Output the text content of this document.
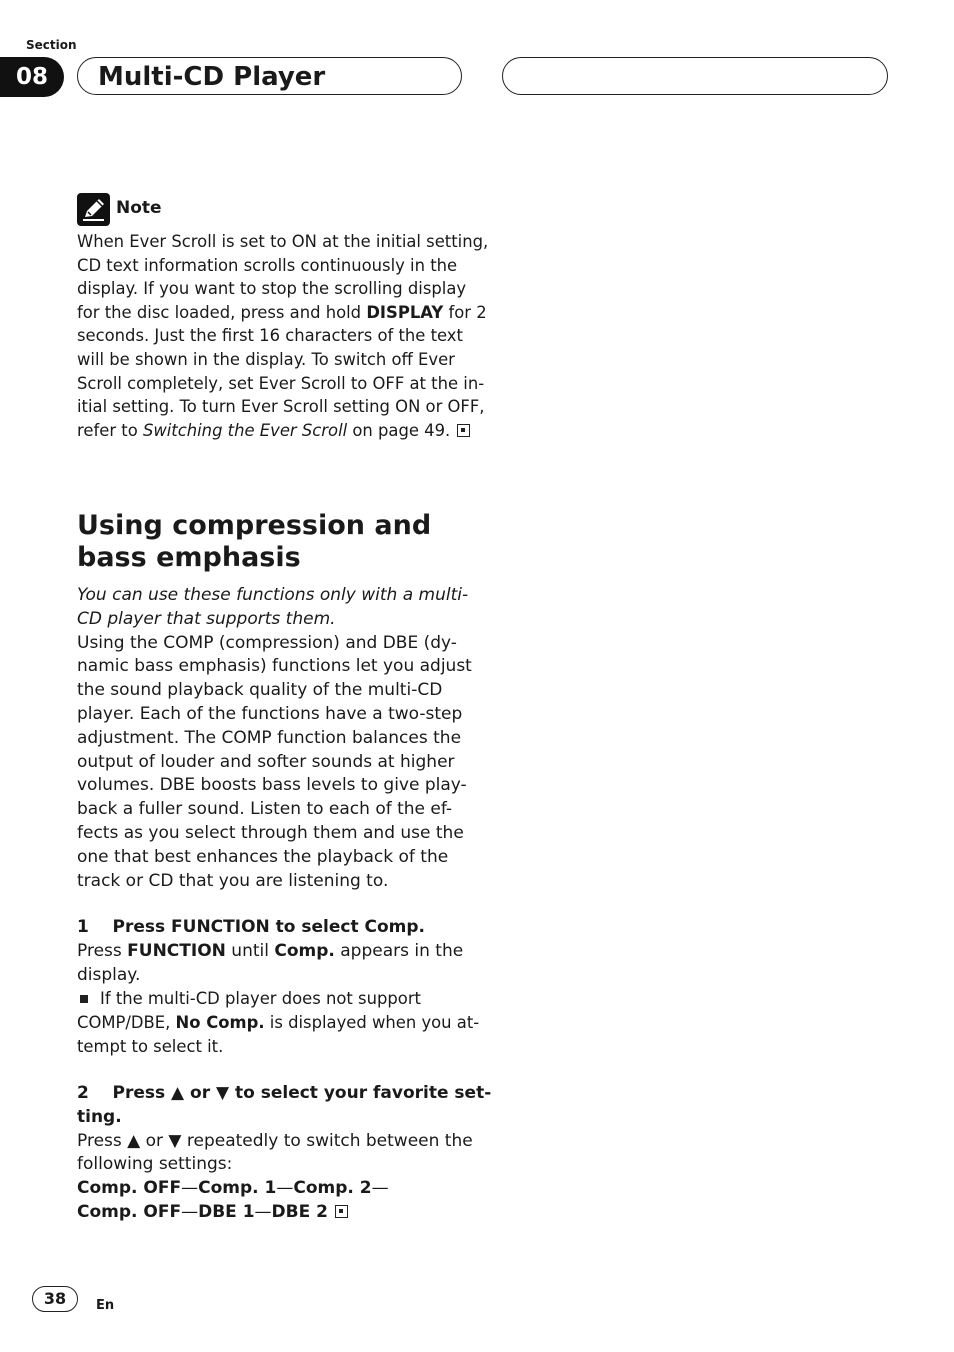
Section
08	Multi-CD Player
Note
When Ever Scroll is set to ON at the initial setting,
CD text information scrolls continuously in the
display. If you want to stop the scrolling display
for the disc loaded, press and hold DISPLAY for 2
seconds. Just the first 16 characters of the text
will be shown in the display. To switch off Ever
Scroll completely, set Ever Scroll to OFF at the in-
itial setting. To turn Ever Scroll setting ON or OFF,
refer to Switching the Ever Scroll on page 49.
Using compression and
bass emphasis
You can use these functions only with a multi-
CD player that supports them.
Using the COMP (compression) and DBE (dy-
namic bass emphasis) functions let you adjust
the sound playback quality of the multi-CD
player. Each of the functions have a two-step
adjustment. The COMP function balances the
output of louder and softer sounds at higher
volumes. DBE boosts bass levels to give play-
back a fuller sound. Listen to each of the ef-
fects as you select through them and use the
one that best enhances the playback of the
track or CD that you are listening to.
1    Press FUNCTION to select Comp.
Press FUNCTION until Comp. appears in the
display.
If the multi-CD player does not support
COMP/DBE, No Comp. is displayed when you at-
tempt to select it.
2    Press ▲ or ▼ to select your favorite set-
ting.
Press ▲ or ▼ repeatedly to switch between the
following settings:
Comp. OFF—Comp. 1—Comp. 2—
Comp. OFF—DBE 1—DBE 2
38	En
